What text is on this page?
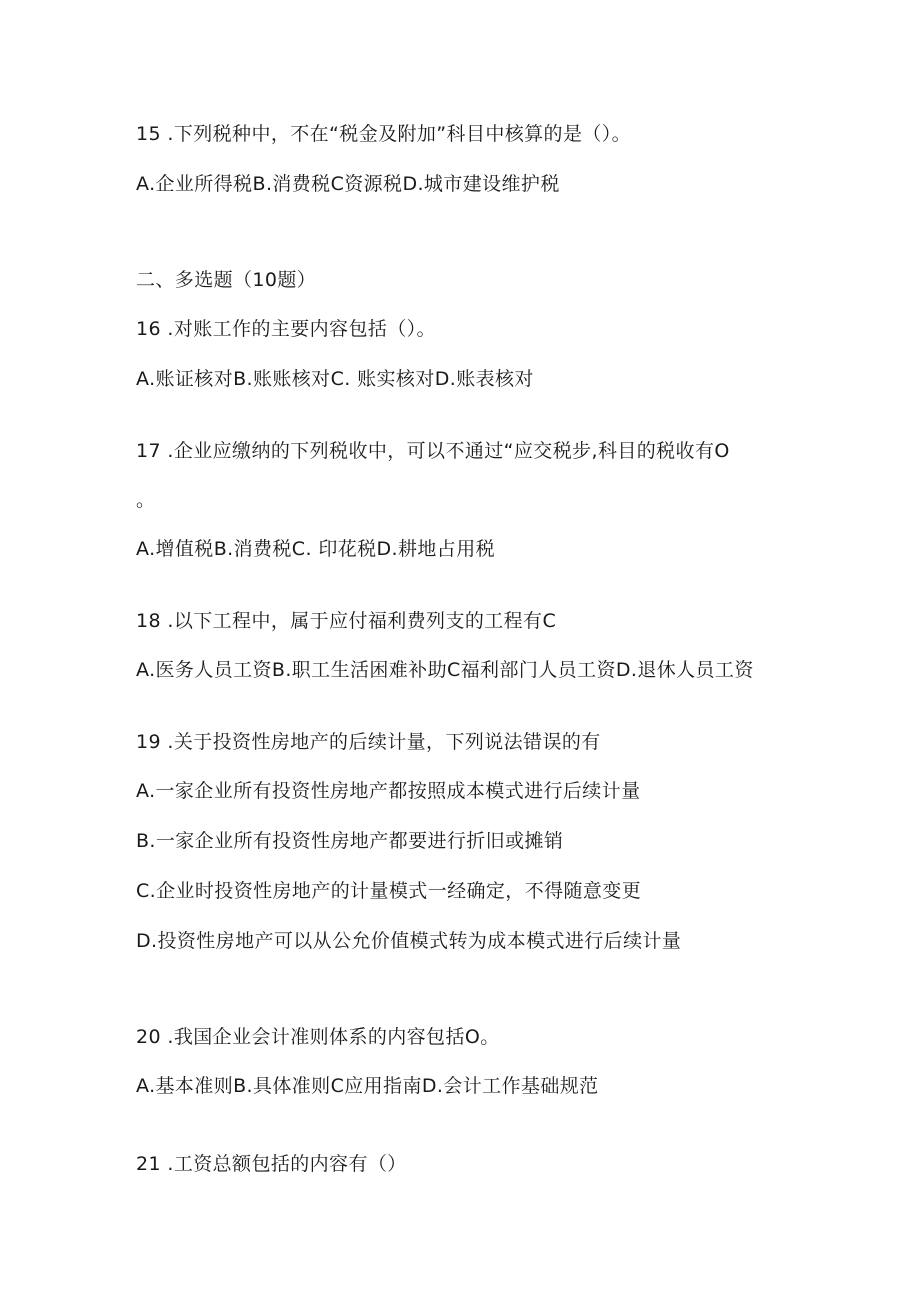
15 .下列税种中，不在“税金及附加”科目中核算的是（）。
A.企业所得税B.消费税C资源税D.城市建设维护税
二、多选题（10题）
16 .对账工作的主要内容包括（）。
A.账证核对B.账账核对C. 账实核对D.账表核对
17 .企业应缴纳的下列税收中，可以不通过“应交税步,科目的税收有O
。
A.增值税B.消费税C. 印花税D.耕地占用税
18 .以下工程中，属于应付福利费列支的工程有C
A.医务人员工资B.职工生活困难补助C福利部门人员工资D.退休人员工资
19 .关于投资性房地产的后续计量，下列说法错误的有
A.一家企业所有投资性房地产都按照成本模式进行后续计量
B.一家企业所有投资性房地产都要进行折旧或摊销
C.企业时投资性房地产的计量模式一经确定，不得随意变更
D.投资性房地产可以从公允价值模式转为成本模式进行后续计量
20 .我国企业会计准则体系的内容包括O。
A.基本准则B.具体准则C应用指南D.会计工作基础规范
21 .工资总额包括的内容有（）
